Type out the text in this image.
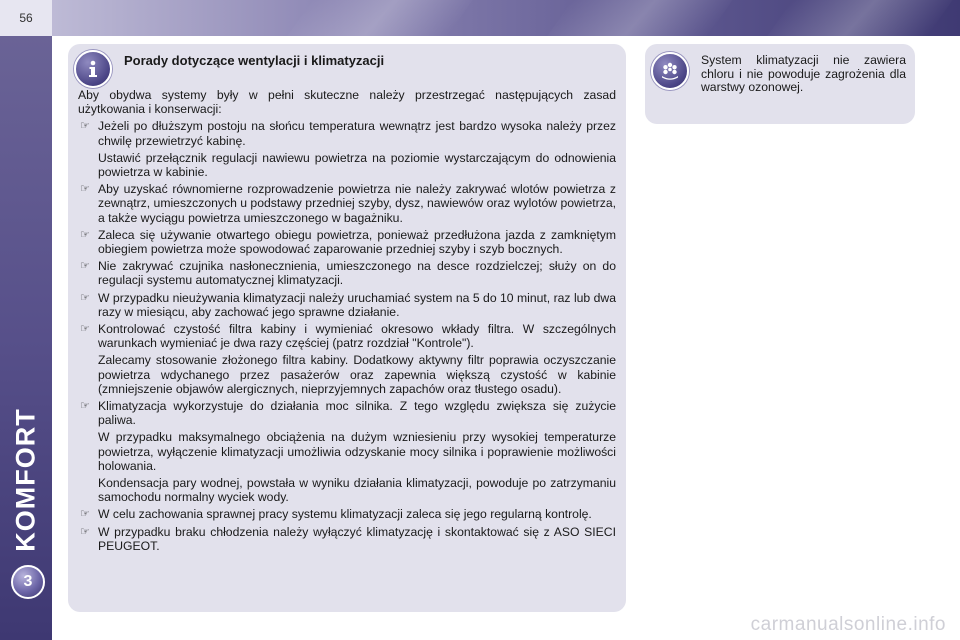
56
KOMFORT
3
Porady dotyczące wentylacji i klimatyzacji

Aby obydwa systemy były w pełni skuteczne należy przestrzegać następujących zasad użytkowania i konserwacji:

☞ Jeżeli po dłuższym postoju na słońcu temperatura wewnątrz jest bardzo wysoka należy przez chwilę przewietrzyć kabinę.

Ustawić przełącznik regulacji nawiewu powietrza na poziomie wystarczającym do odnowienia powietrza w kabinie.

☞ Aby uzyskać równomierne rozprowadzenie powietrza nie należy zakrywać wlotów powietrza z zewnątrz, umieszczonych u podstawy przedniej szyby, dysz, nawiewów oraz wylotów powietrza, a także wyciągu powietrza umieszczonego w bagażniku.

☞ Zaleca się używanie otwartego obiegu powietrza, ponieważ przedłużona jazda z zamkniętym obiegiem powietrza może spowodować zaparowanie przedniej szyby i szyb bocznych.

☞ Nie zakrywać czujnika nasłonecznienia, umieszczonego na desce rozdzielczej; służy on do regulacji systemu automatycznej klimatyzacji.

☞ W przypadku nieużywania klimatyzacji należy uruchamiać system na 5 do 10 minut, raz lub dwa razy w miesiącu, aby zachować jego sprawne działanie.

☞ Kontrolować czystość filtra kabiny i wymieniać okresowo wkłady filtra. W szczególnych warunkach wymieniać je dwa razy częściej (patrz rozdział "Kontrole").

Zalecamy stosowanie złożonego filtra kabiny. Dodatkowy aktywny filtr poprawia oczyszczanie powietrza wdychanego przez pasażerów oraz zapewnia większą czystość w kabinie (zmniejszenie objawów alergicznych, nieprzyjemnych zapachów oraz tłustego osadu).

☞ Klimatyzacja wykorzystuje do działania moc silnika. Z tego względu zwiększa się zużycie paliwa.

W przypadku maksymalnego obciążenia na dużym wzniesieniu przy wysokiej temperaturze powietrza, wyłączenie klimatyzacji umożliwia odzyskanie mocy silnika i poprawienie możliwości holowania.

Kondensacja pary wodnej, powstała w wyniku działania klimatyzacji, powoduje po zatrzymaniu samochodu normalny wyciek wody.

☞ W celu zachowania sprawnej pracy systemu klimatyzacji zaleca się jego regularną kontrolę.

☞ W przypadku braku chłodzenia należy wyłączyć klimatyzację i skontaktować się z ASO SIECI PEUGEOT.

System klimatyzacji nie zawiera chloru i nie powoduje zagrożenia dla warstwy ozonowej.

carmanualsonline.info
